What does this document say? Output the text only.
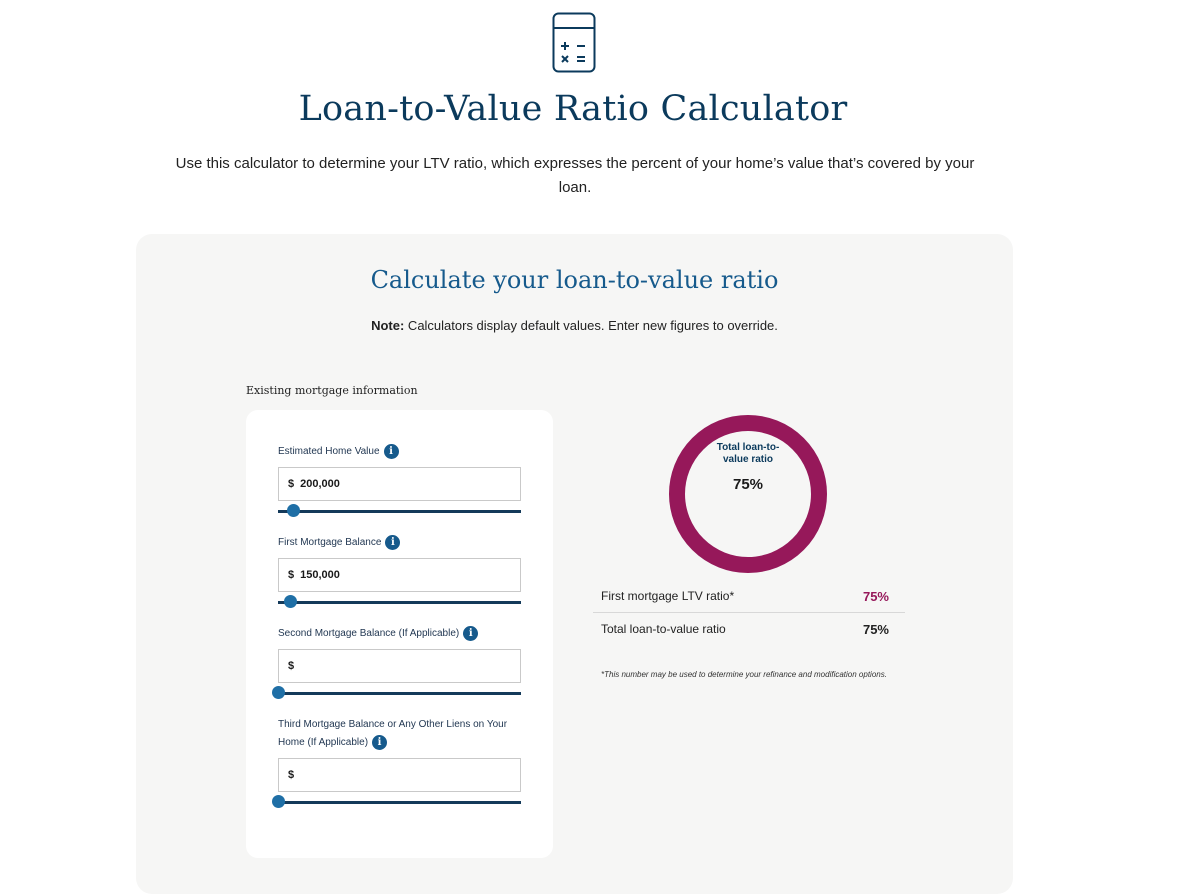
Loan-to-Value Ratio Calculator

Use this calculator to determine your LTV ratio, which expresses the percent of your home’s value that’s covered by your loan.

Calculate your loan-to-value ratio
Note: Calculators display default values. Enter new figures to override.
Existing mortgage information
Estimated Home Value i
$ 200,000
First Mortgage Balance i
$ 150,000
Second Mortgage Balance (If Applicable) i
$
Third Mortgage Balance or Any Other Liens on Your Home (If Applicable) i
$
Total loan-to-value ratio
75%
First mortgage LTV ratio*	75%
Total loan-to-value ratio	75%
*This number may be used to determine your refinance and modification options.
